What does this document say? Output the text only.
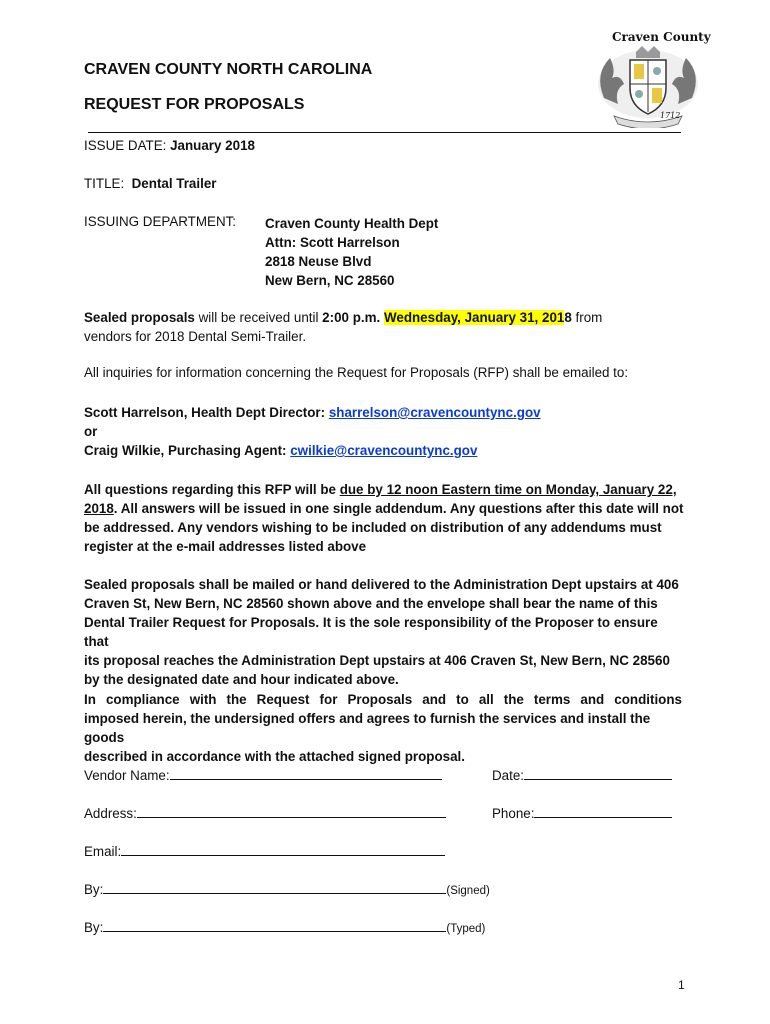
CRAVEN COUNTY NORTH CAROLINA
REQUEST FOR PROPOSALS
Craven County
1712
ISSUE DATE: January 2018
TITLE: Dental Trailer
ISSUING DEPARTMENT: Craven County Health Dept
Attn: Scott Harrelson
2818 Neuse Blvd
New Bern, NC 28560
Sealed proposals will be received until 2:00 p.m. Wednesday, January 31, 2018 from
vendors for 2018 Dental Semi-Trailer.
All inquiries for information concerning the Request for Proposals (RFP) shall be emailed to:
Scott Harrelson, Health Dept Director: sharrelson@cravencountync.gov
or
Craig Wilkie, Purchasing Agent: cwilkie@cravencountync.gov
All questions regarding this RFP will be due by 12 noon Eastern time on Monday, January 22,
2018. All answers will be issued in one single addendum. Any questions after this date will not
be addressed. Any vendors wishing to be included on distribution of any addendums must
register at the e-mail addresses listed above
Sealed proposals shall be mailed or hand delivered to the Administration Dept upstairs at 406
Craven St, New Bern, NC 28560 shown above and the envelope shall bear the name of this
Dental Trailer Request for Proposals. It is the sole responsibility of the Proposer to ensure that
its proposal reaches the Administration Dept upstairs at 406 Craven St, New Bern, NC 28560
by the designated date and hour indicated above.
In compliance with the Request for Proposals and to all the terms and conditions
imposed herein, the undersigned offers and agrees to furnish the services and install the goods
described in accordance with the attached signed proposal.
Vendor Name:	Date:
Address:	Phone:
Email:
By:	(Signed)
By:	(Typed)
1
